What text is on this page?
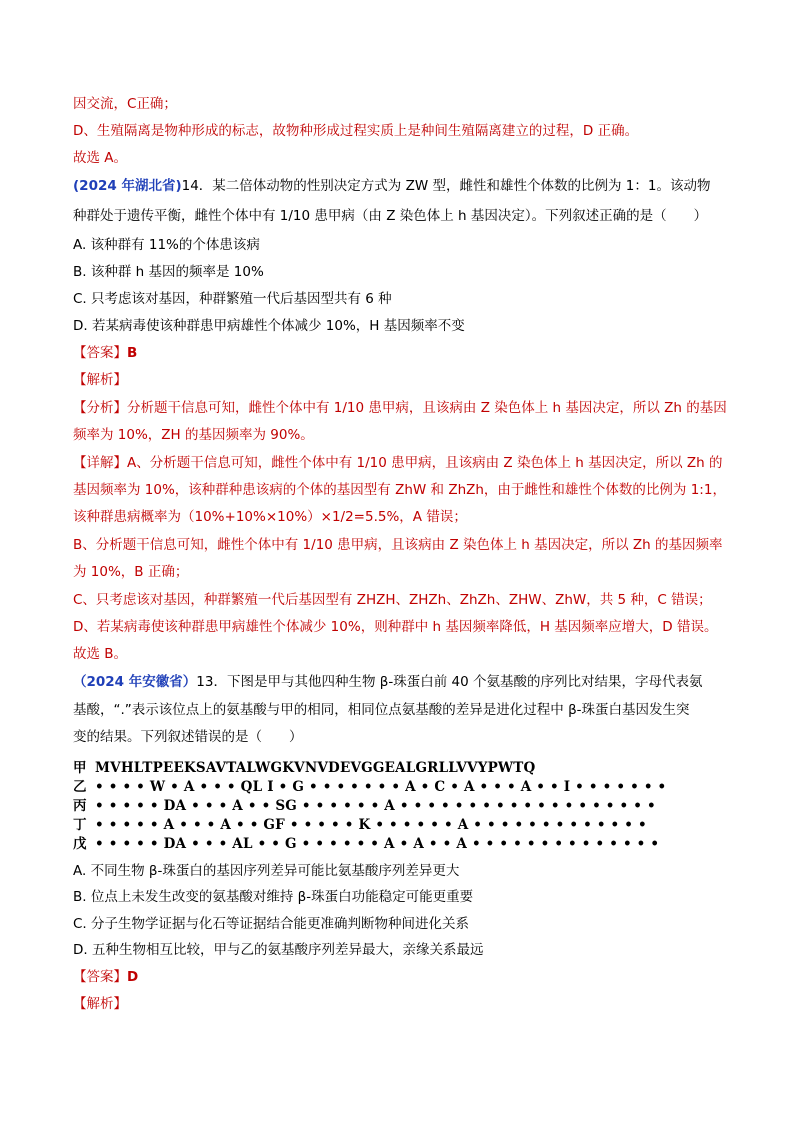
因交流，C正确；
D、生殖隔离是物种形成的标志，故物种形成过程实质上是种间生殖隔离建立的过程，D 正确。
故选 A。
(2024 年湖北省)14．某二倍体动物的性别决定方式为 ZW 型，雌性和雄性个体数的比例为 1：1。该动物
种群处于遗传平衡，雌性个体中有 1/10 患甲病（由 Z 染色体上 h 基因决定）。下列叙述正确的是（　　）
A. 该种群有 11%的个体患该病
B. 该种群 h 基因的频率是 10%
C. 只考虑该对基因，种群繁殖一代后基因型共有 6 种
D. 若某病毒使该种群患甲病雄性个体减少 10%，H 基因频率不变
【答案】B
【解析】
【分析】分析题干信息可知，雌性个体中有 1/10 患甲病，且该病由 Z 染色体上 h 基因决定，所以 Zh 的基因
频率为 10%，ZH 的基因频率为 90%。
【详解】A、分析题干信息可知，雌性个体中有 1/10 患甲病，且该病由 Z 染色体上 h 基因决定，所以 Zh 的
基因频率为 10%，该种群种患该病的个体的基因型有 ZhW 和 ZhZh，由于雌性和雄性个体数的比例为 1:1，
该种群患病概率为（10%+10%×10%）×1/2=5.5%，A 错误；
B、分析题干信息可知，雌性个体中有 1/10 患甲病，且该病由 Z 染色体上 h 基因决定，所以 Zh 的基因频率
为 10%，B 正确；
C、只考虑该对基因，种群繁殖一代后基因型有 ZHZH、ZHZh、ZhZh、ZHW、ZhW，共 5 种，C 错误；
D、若某病毒使该种群患甲病雄性个体减少 10%，则种群中 h 基因频率降低，H 基因频率应增大，D 错误。
故选 B。
（2024 年安徽省）13．下图是甲与其他四种生物 β-珠蛋白前 40 个氨基酸的序列比对结果，字母代表氨
基酸，“.”表示该位点上的氨基酸与甲的相同，相同位点氨基酸的差异是进化过程中 β-珠蛋白基因发生突
变的结果。下列叙述错误的是（　　）
甲 MVHLTPEEKSAVTALWGKVNVDEVGGEALGRLLVVYPWTQ
乙 • • • • W • A • • • QL I • G • • • • • • • A • C • A • • • A • • I • • • • • • •
丙 • • • • • DA • • • A • • SG • • • • • • A • • • • • • • • • • • • • • • • • • •
丁 • • • • • A • • • A • • GF • • • • • K • • • • • • A • • • • • • • • • • • • •
戊 • • • • • DA • • • AL • • G • • • • • • A • A • • A • • • • • • • • • • • • • •
A. 不同生物 β-珠蛋白的基因序列差异可能比氨基酸序列差异更大
B. 位点上未发生改变的氨基酸对维持 β-珠蛋白功能稳定可能更重要
C. 分子生物学证据与化石等证据结合能更准确判断物种间进化关系
D. 五种生物相互比较，甲与乙的氨基酸序列差异最大，亲缘关系最远
【答案】D
【解析】
